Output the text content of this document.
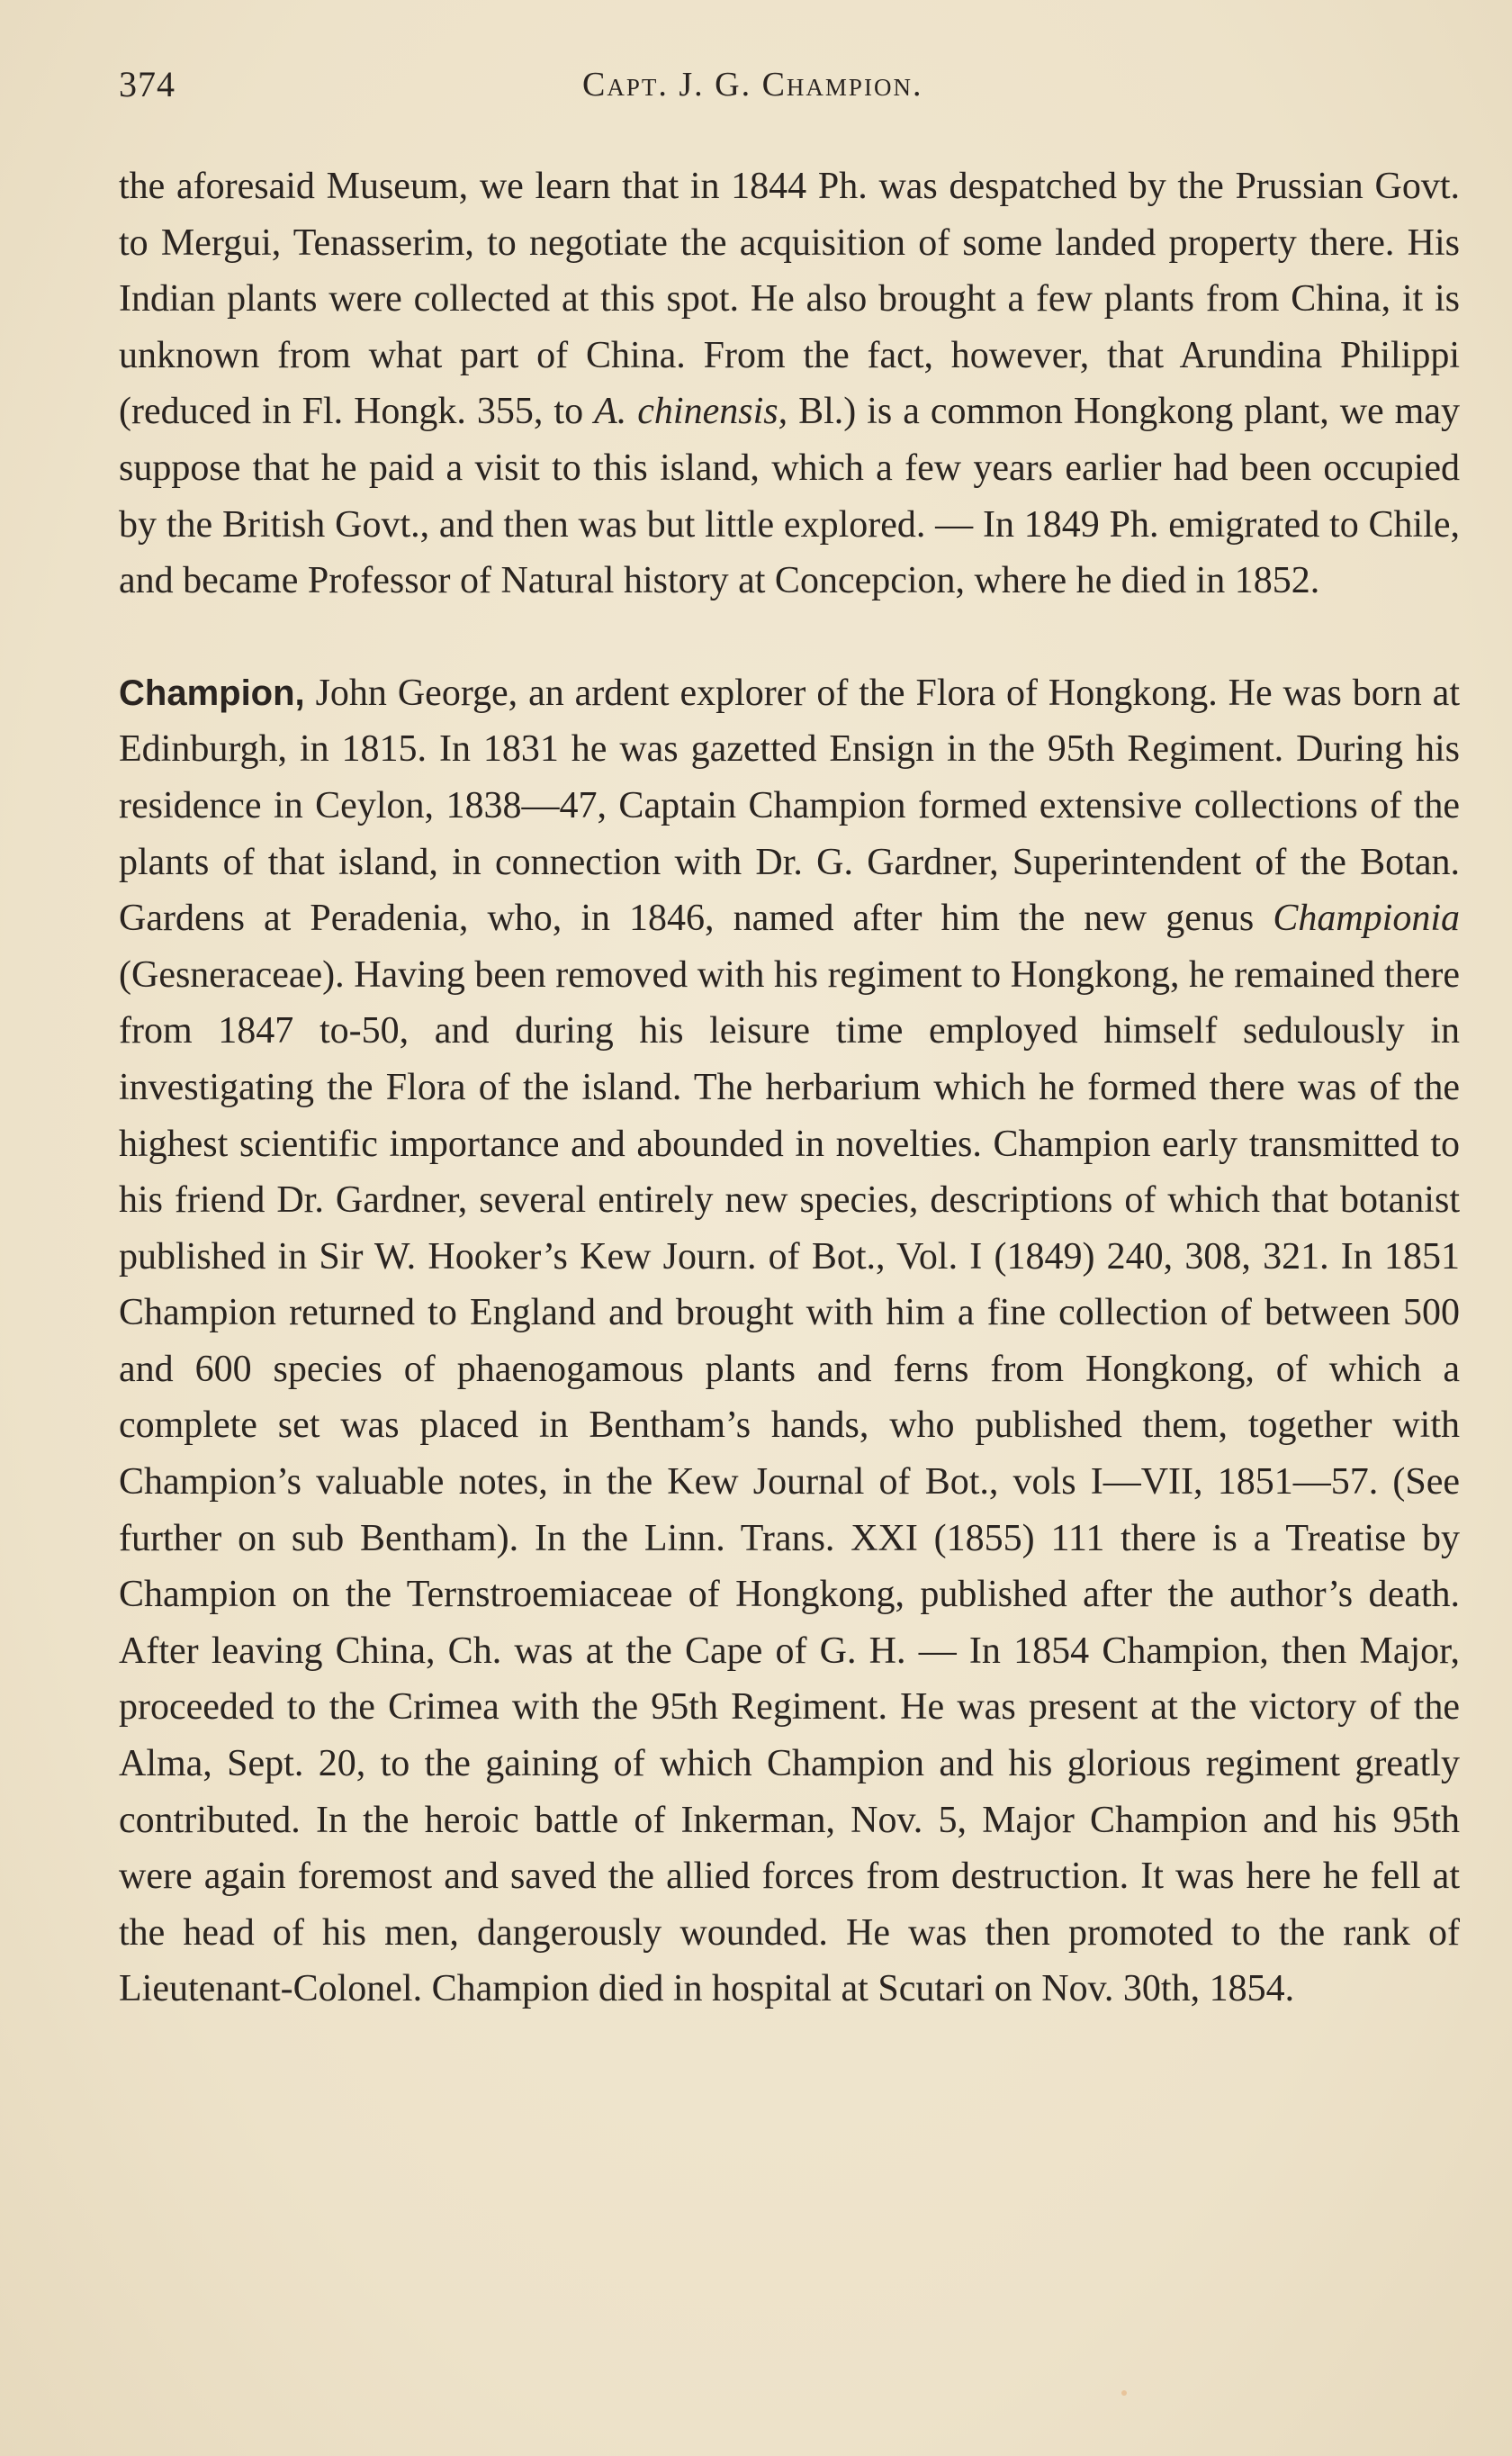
374	Capt. J. G. Champion.

the aforesaid Museum, we learn that in 1844 Ph. was despatched by the Prussian Govt. to Mergui, Tenasserim, to negotiate the acquisition of some landed property there. His Indian plants were collected at this spot. He also brought a few plants from China, it is unknown from what part of China. From the fact, however, that Arundina Philippi (reduced in Fl. Hongk. 355, to A. chinensis, Bl.) is a common Hongkong plant, we may suppose that he paid a visit to this island, which a few years earlier had been occupied by the British Govt., and then was but little explored. — In 1849 Ph. emigrated to Chile, and became Professor of Natural history at Concepcion, where he died in 1852.

Champion, John George, an ardent explorer of the Flora of Hongkong. He was born at Edinburgh, in 1815. In 1831 he was gazetted Ensign in the 95th Regiment. During his residence in Ceylon, 1838—47, Captain Champion formed extensive collections of the plants of that island, in connection with Dr. G. Gardner, Superintendent of the Botan. Gardens at Peradenia, who, in 1846, named after him the new genus Championia (Gesneraceae). Having been removed with his regiment to Hongkong, he remained there from 1847 to-50, and during his leisure time employed himself sedulously in investigating the Flora of the island. The herbarium which he formed there was of the highest scientific importance and abounded in novelties. Champion early transmitted to his friend Dr. Gardner, several entirely new species, descriptions of which that botanist published in Sir W. Hooker’s Kew Journ. of Bot., Vol. I (1849) 240, 308, 321. In 1851 Champion returned to England and brought with him a fine collection of between 500 and 600 species of phaenogamous plants and ferns from Hongkong, of which a complete set was placed in Bentham’s hands, who published them, together with Champion’s valuable notes, in the Kew Journal of Bot., vols I—VII, 1851—57. (See further on sub Bentham). In the Linn. Trans. XXI (1855) 111 there is a Treatise by Champion on the Ternstroemiaceae of Hongkong, published after the author’s death. After leaving China, Ch. was at the Cape of G. H. — In 1854 Champion, then Major, proceeded to the Crimea with the 95th Regiment. He was present at the victory of the Alma, Sept. 20, to the gaining of which Champion and his glorious regiment greatly contributed. In the heroic battle of Inkerman, Nov. 5, Major Champion and his 95th were again foremost and saved the allied forces from destruction. It was here he fell at the head of his men, dangerously wounded. He was then promoted to the rank of Lieutenant-Colonel. Champion died in hospital at Scutari on Nov. 30th, 1854.
